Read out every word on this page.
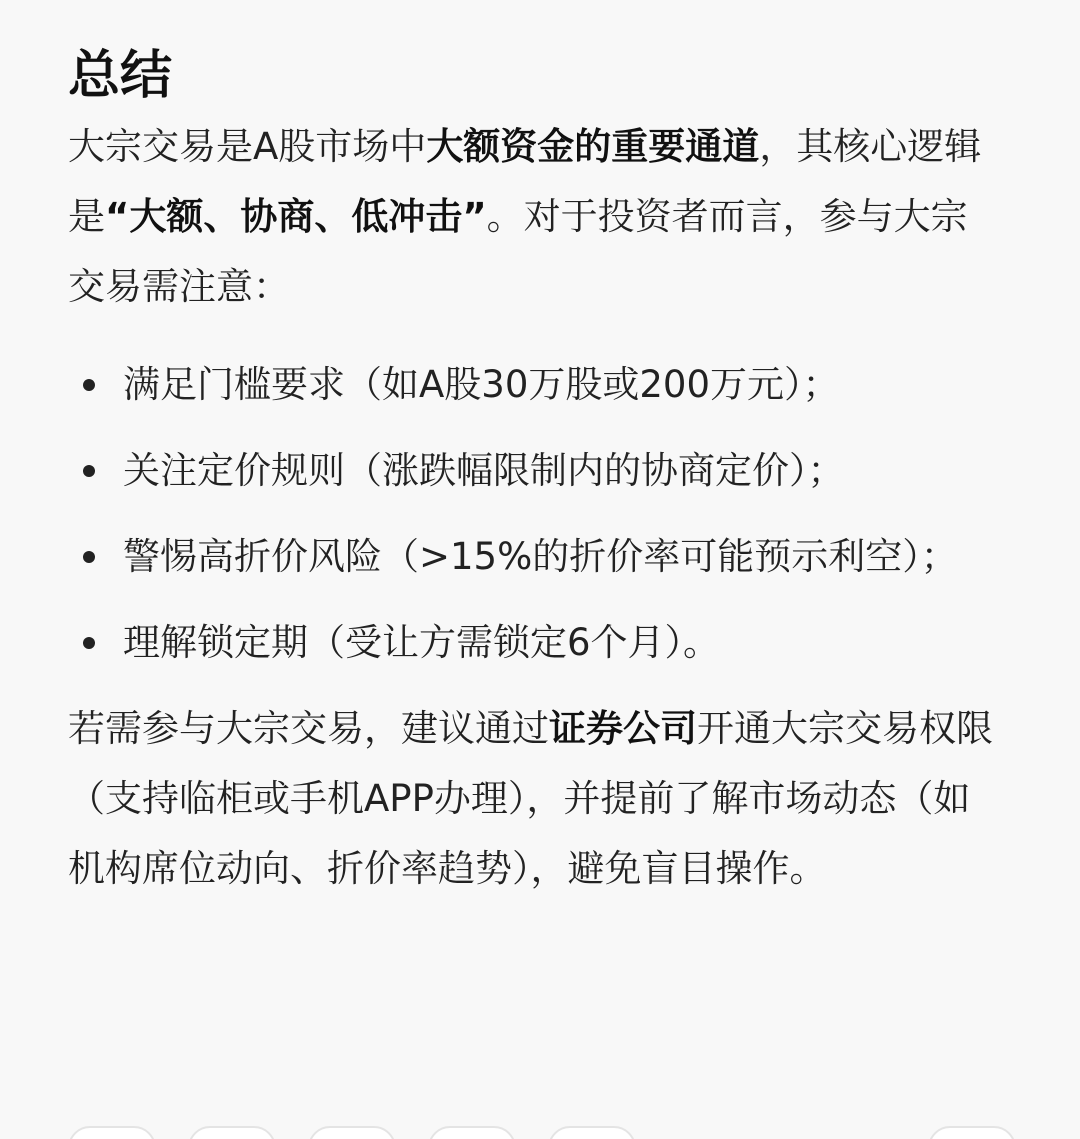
总结

大宗交易是A股市场中大额资金的重要通道，其核心逻辑是“大额、协商、低冲击”。对于投资者而言，参与大宗交易需注意：

满足门槛要求（如A股30万股或200万元）；
关注定价规则（涨跌幅限制内的协商定价）；
警惕高折价风险（>15%的折价率可能预示利空）；
理解锁定期（受让方需锁定6个月）。

若需参与大宗交易，建议通过证券公司开通大宗交易权限（支持临柜或手机APP办理），并提前了解市场动态（如机构席位动向、折价率趋势），避免盲目操作。
